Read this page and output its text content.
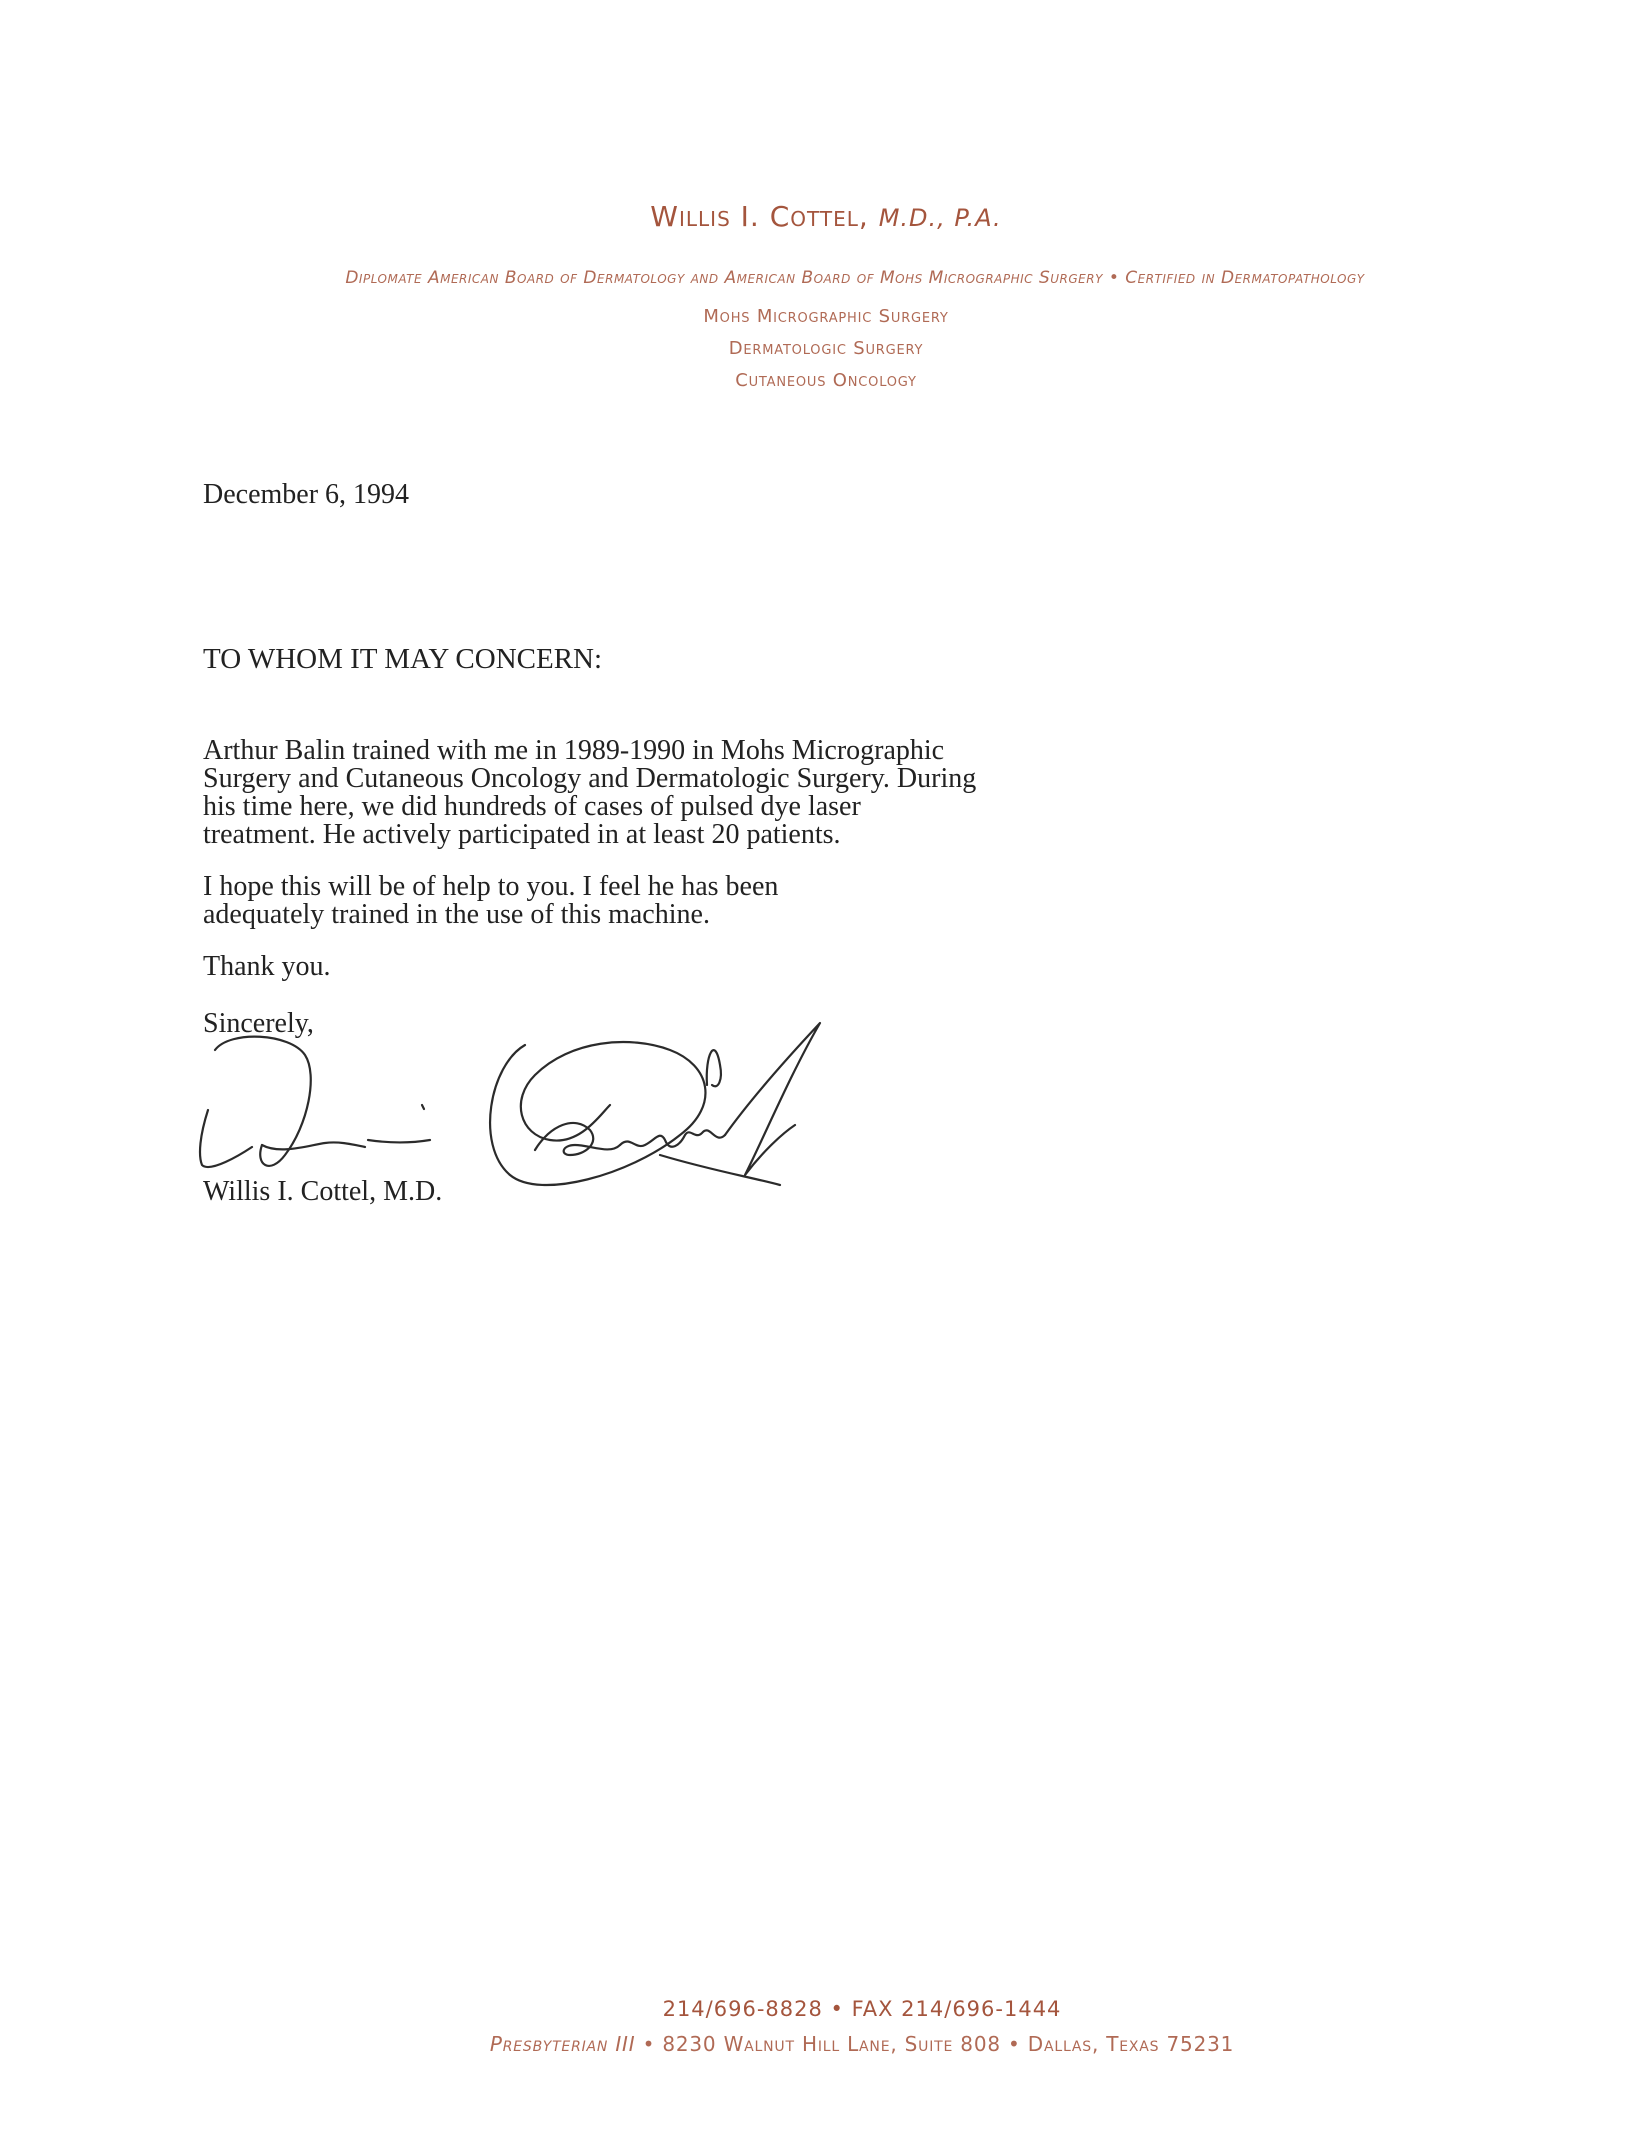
Willis I. Cottel, M.D., P.A.
Diplomate American Board of Dermatology and American Board of Mohs Micrographic Surgery • Certified in Dermatopathology
Mohs Micrographic Surgery
Dermatologic Surgery
Cutaneous Oncology
December 6, 1994
TO WHOM IT MAY CONCERN:
Arthur Balin trained with me in 1989-1990 in Mohs Micrographic
Surgery and Cutaneous Oncology and Dermatologic Surgery. During
his time here, we did hundreds of cases of pulsed dye laser
treatment. He actively participated in at least 20 patients.
I hope this will be of help to you. I feel he has been
adequately trained in the use of this machine.
Thank you.
Sincerely,
Willis I. Cottel, M.D.
214/696-8828 • FAX 214/696-1444
Presbyterian III • 8230 Walnut Hill Lane, Suite 808 • Dallas, Texas 75231
